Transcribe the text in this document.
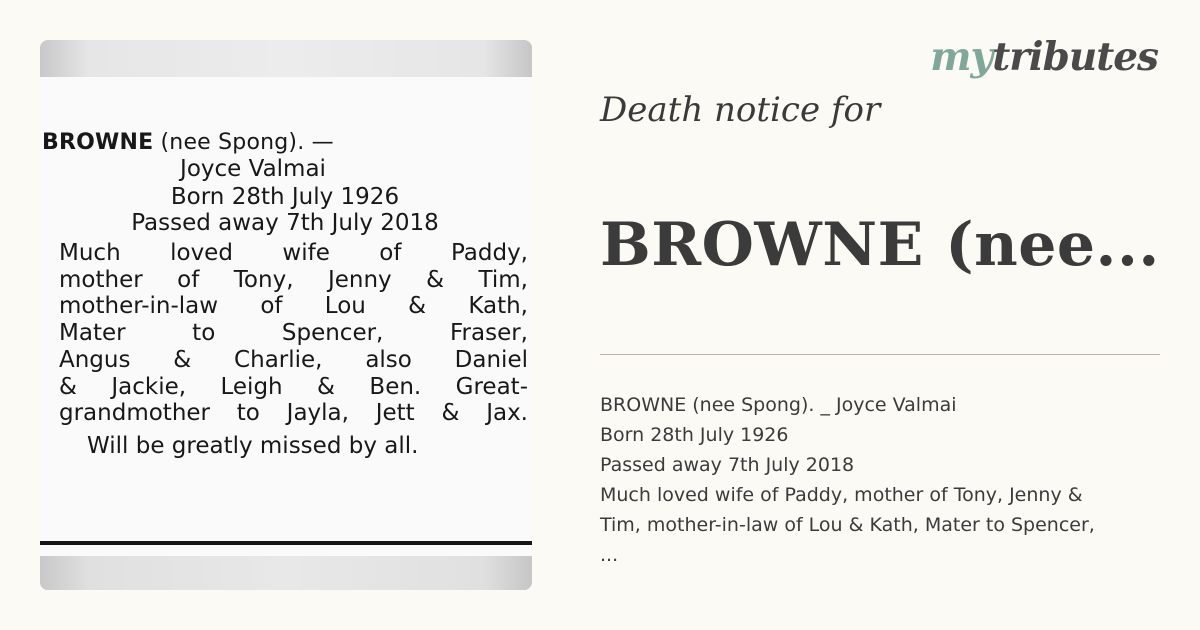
BROWNE (nee Spong). —
Joyce Valmai
Born 28th July 1926
Passed away 7th July 2018
Much loved wife of Paddy,
mother of Tony, Jenny & Tim,
mother-in-law of Lou & Kath,
Mater to Spencer, Fraser,
Angus & Charlie, also Daniel
& Jackie, Leigh & Ben. Great-
grandmother to Jayla, Jett & Jax.
Will be greatly missed by all.
mytributes
Death notice for
BROWNE (nee...
BROWNE (nee Spong). _ Joyce Valmai
Born 28th July 1926
Passed away 7th July 2018
Much loved wife of Paddy, mother of Tony, Jenny &
Tim, mother-in-law of Lou & Kath, Mater to Spencer,
...
